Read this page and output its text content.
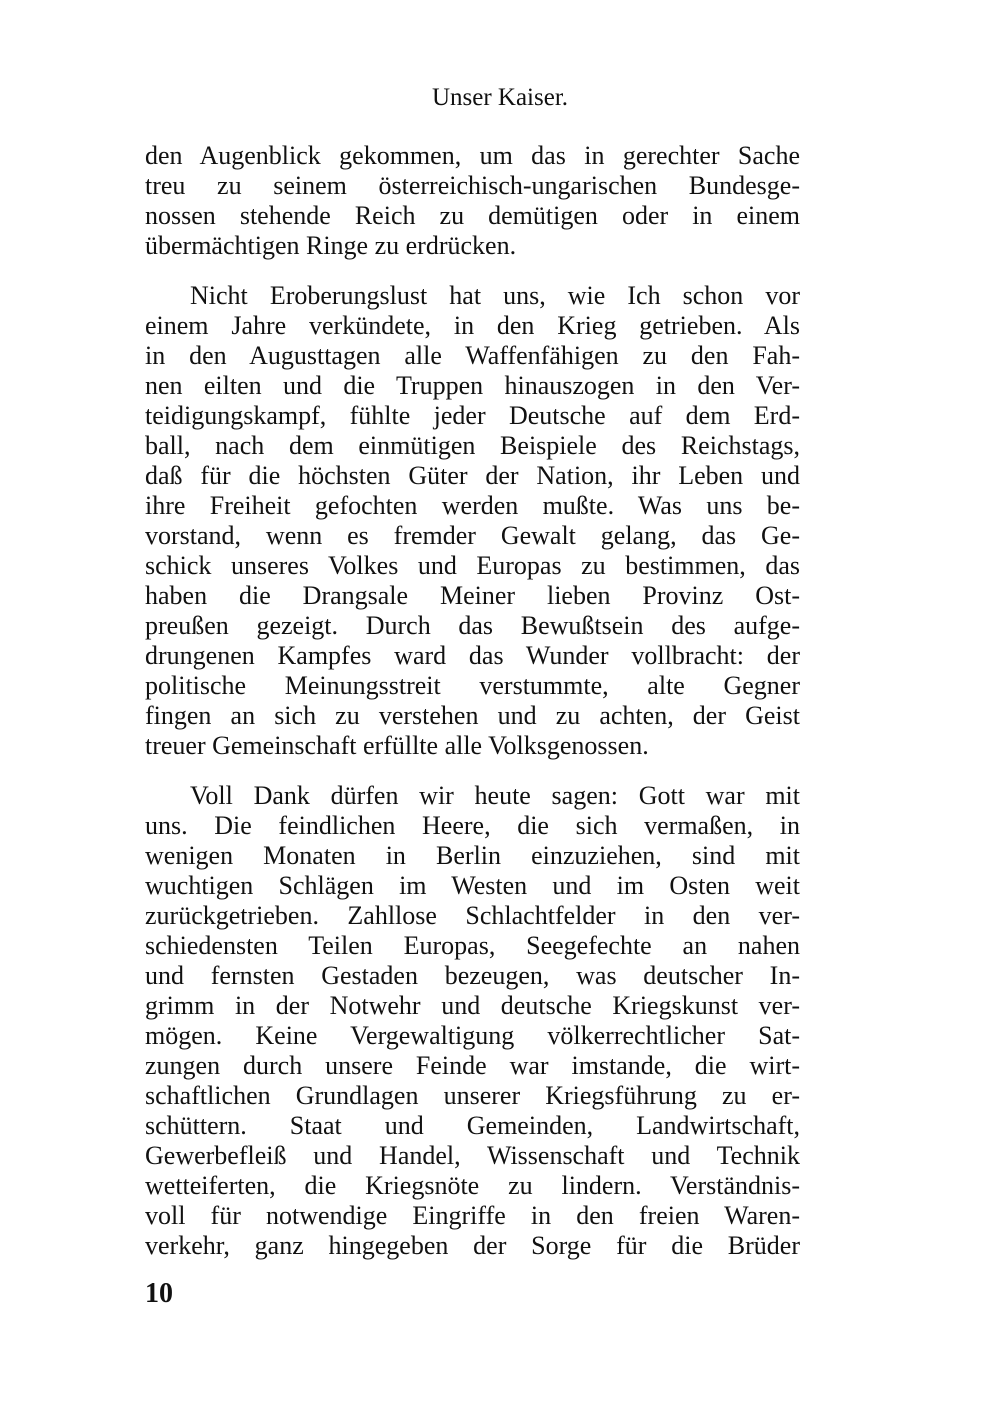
Unser Kaiser.
den Augenblick gekommen, um das in gerechter Sache
treu zu seinem österreichisch-ungarischen Bundesge-
nossen stehende Reich zu demütigen oder in einem
übermächtigen Ringe zu erdrücken.
Nicht Eroberungslust hat uns, wie Ich schon vor
einem Jahre verkündete, in den Krieg getrieben. Als
in den Augusttagen alle Waffenfähigen zu den Fah-
nen eilten und die Truppen hinauszogen in den Ver-
teidigungskampf, fühlte jeder Deutsche auf dem Erd-
ball, nach dem einmütigen Beispiele des Reichstags,
daß für die höchsten Güter der Nation, ihr Leben und
ihre Freiheit gefochten werden mußte. Was uns be-
vorstand, wenn es fremder Gewalt gelang, das Ge-
schick unseres Volkes und Europas zu bestimmen, das
haben die Drangsale Meiner lieben Provinz Ost-
preußen gezeigt. Durch das Bewußtsein des aufge-
drungenen Kampfes ward das Wunder vollbracht: der
politische Meinungsstreit verstummte, alte Gegner
fingen an sich zu verstehen und zu achten, der Geist
treuer Gemeinschaft erfüllte alle Volksgenossen.
Voll Dank dürfen wir heute sagen: Gott war mit
uns. Die feindlichen Heere, die sich vermaßen, in
wenigen Monaten in Berlin einzuziehen, sind mit
wuchtigen Schlägen im Westen und im Osten weit
zurückgetrieben. Zahllose Schlachtfelder in den ver-
schiedensten Teilen Europas, Seegefechte an nahen
und fernsten Gestaden bezeugen, was deutscher In-
grimm in der Notwehr und deutsche Kriegskunst ver-
mögen. Keine Vergewaltigung völkerrechtlicher Sat-
zungen durch unsere Feinde war imstande, die wirt-
schaftlichen Grundlagen unserer Kriegsführung zu er-
schüttern. Staat und Gemeinden, Landwirtschaft,
Gewerbefleiß und Handel, Wissenschaft und Technik
wetteiferten, die Kriegsnöte zu lindern. Verständnis-
voll für notwendige Eingriffe in den freien Waren-
verkehr, ganz hingegeben der Sorge für die Brüder
10
